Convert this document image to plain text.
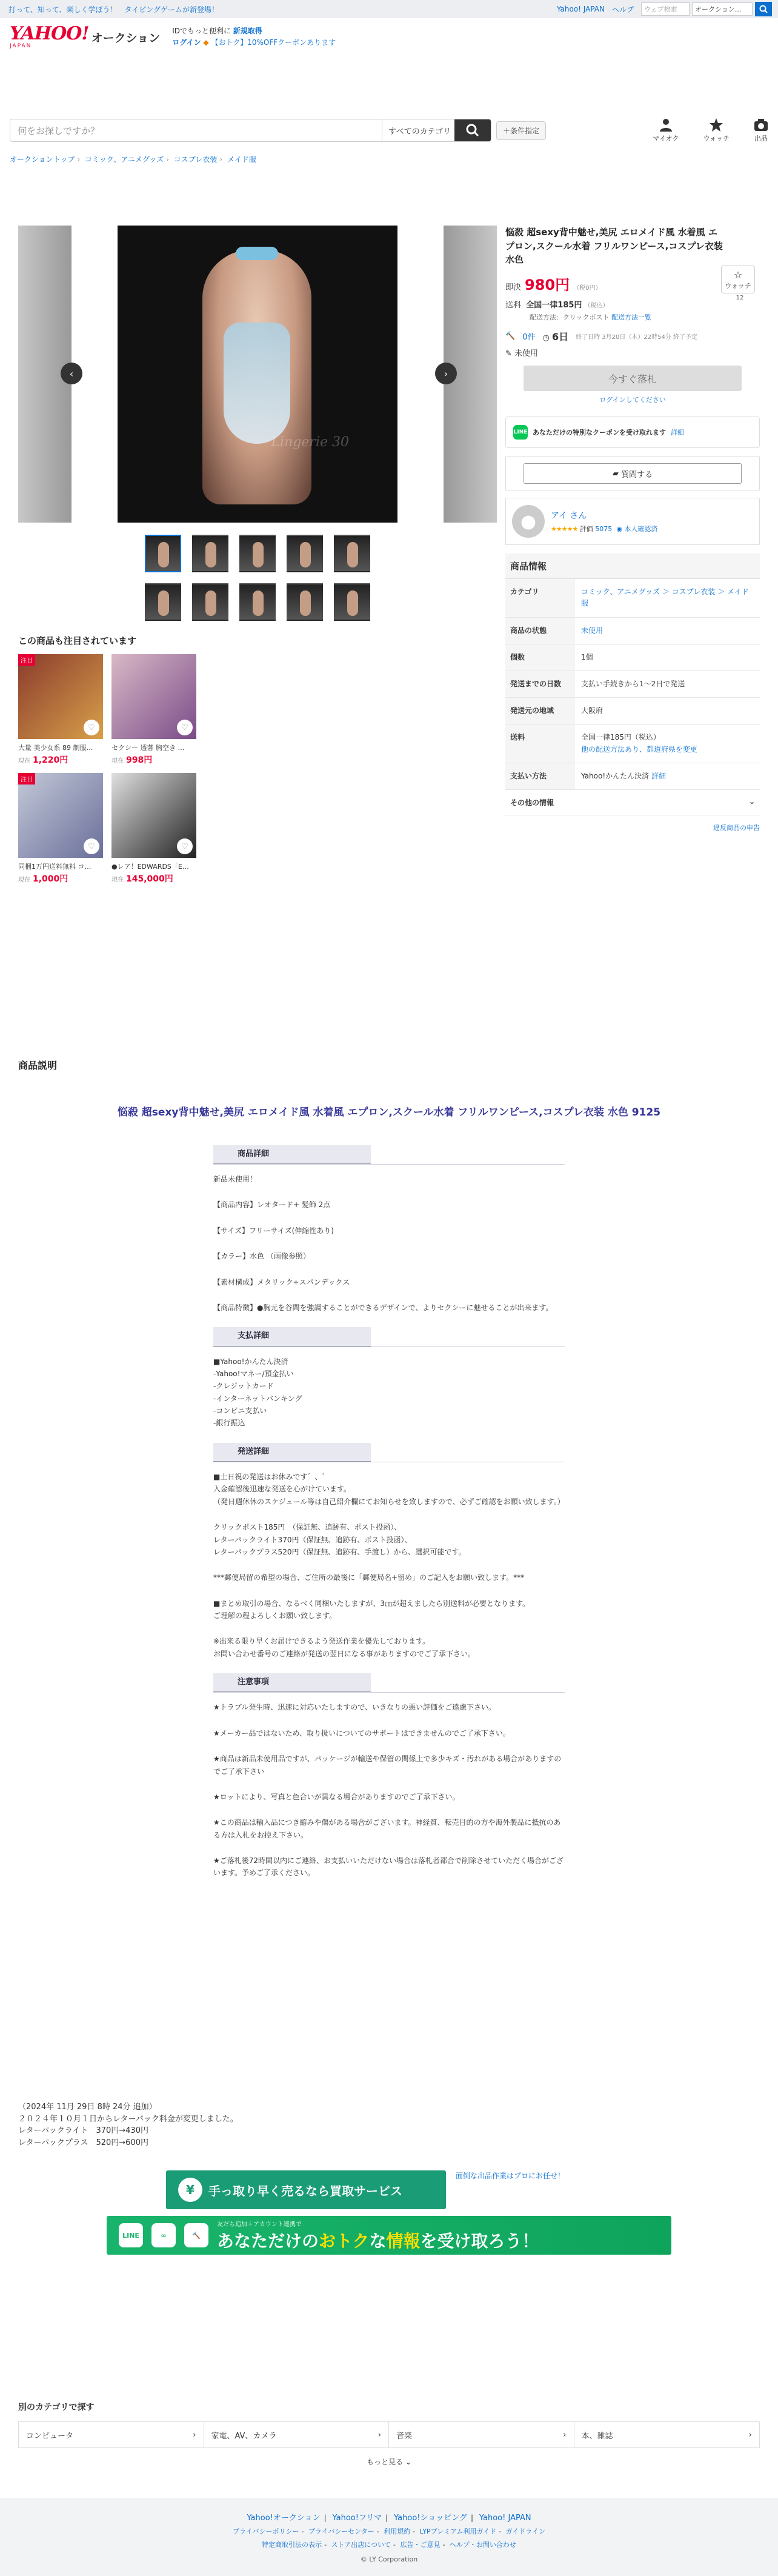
打って、知って、楽しく学ぼう！　タイピングゲームが新登場！	Yahoo! JAPAN ヘルプ	ウェブ検索	オークション...
YAHOO!
JAPAN
オークション
IDでもっと便利に 新規取得
ログイン ◆ 【おトク】10%OFFクーポンあります
何をお探しですか？	すべてのカテゴリ	＋条件指定
マイオク	ウォッチ	出品
オークショントップ › コミック、アニメグッズ › コスプレ衣装 › メイド服
Lingerie 30
‹	›
この商品も注目されています
注目
♡
大量 美少女系 89 制服…
現在 1,220円
♡
セクシー 透著 胸空き …
現在 998円
注目
♡
同梱1万円送料無料 コ…
現在 1,000円
♡
●レア！EDWARDS「E…
現在 145,000円
悩殺 超sexy背中魅せ,美尻 エロメイド風 水着風 エプロン,スクール水着 フリルワンピース,コスプレ衣装 水色
☆
ウォッチ
12
即決 980円 （税0円）
送料 全国一律185円 （税込）
配送方法：クリックポスト 配送方法一覧
🔨 0件 ◷ 6日 終了日時 3月20日（木）22時54分 終了予定
✎ 未使用
今すぐ落札
ログインしてください
LINE あなただけの特別なクーポンを受け取れます 詳細
▰
質問する
●	アイ さん
★★★★★ 評価 5075 ◉ 本人確認済
商品情報
カテゴリ	コミック、アニメグッズ ＞ コスプレ衣装 ＞ メイド服
商品の状態	未使用
個数	1個
発送までの日数	支払い手続きから1〜2日で発送
発送元の地域	大阪府
送料	全国一律185円（税込）
他の配送方法あり、都道府県を変更
支払い方法	Yahoo!かんたん決済 詳細
その他の情報	⌄
違反商品の申告
商品説明
悩殺 超sexy背中魅せ,美尻 エロメイド風 水着風 エプロン,スクール水着 フリルワンピース,コスプレ衣装 水色 9125
商品詳細

新品未使用！

【商品内容】レオタード+ 髪飾 2点

【サイズ】フリーサイズ(伸縮性あり)

【カラー】水色 （画像参照）

【素材構成】メタリック+スパンデックス

【商品特徴】●胸元を谷間を強調することができるデザインで、よりセクシーに魅せることが出来ます。

支払詳細

■Yahoo!かんたん決済
-Yahoo!マネー/預金払い
-クレジットカード
-インターネットバンキング
-コンビニ支払い
-銀行振込

発送詳細

■土日祝の発送はお休みです゛、゛
入金確認後迅速な発送を心がけています。
（発日週休休のスケジュール等は自己紹介欄にてお知らせを致しますので、必ずご確認をお願い致します。）

クリックポスト185円　（保証無、追跡有、ポスト投函）、
レターパックライト370円（保証無、追跡有、ポスト投函）、
レターパックプラス520円（保証無、追跡有、手渡し）から、選択可能です。

***郵便局留の希望の場合、ご住所の最後に「郵便局名+留め」のご記入をお願い致します。***

■まとめ取引の場合、なるべく同梱いたしますが、3㎝が超えましたら別送料が必要となります。
ご理解の程よろしくお願い致します。

※出来る限り早くお届けできるよう発送作業を優先しております。
お問い合わせ番号のご連絡が発送の翌日になる事がありますのでご了承下さい。

注意事項

★トラブル発生時、迅速に対応いたしますので、いきなりの悪い評価をご遠慮下さい。

★メーカー品ではないため、取り扱いについてのサポートはできませんのでご了承下さい。

★商品は新品未使用品ですが、パッケージが輸送や保管の関係上で多少キズ・汚れがある場合がありますのでご了承下さい

★ロットにより、写真と色合いが異なる場合がありますのでご了承下さい。

★この商品は輸入品につき縮みや傷がある場合がございます。神経質、転売目的の方や海外製品に抵抗のある方は入札をお控え下さい。

★ご落札後72時間以内にご連絡、お支払いいただけない場合は落札者都合で削除させていただく場合がございます。予めご了承ください。

（2024年 11月 29日 8時 24分 追加）
２０２４年１０月１日からレターパック料金が変更しました。
レターパックライト　370円→430円
レターパックプラス　520円→600円
¥	手っ取り早く売るなら買取サービス
面倒な出品作業はプロにお任せ！
LINE	∞	🔨
友だち追加＋アカウント連携で
あなただけのおトクな情報を受け取ろう！
別のカテゴリで探す
コンピュータ	› 家電、AV、カメラ	› 音楽	› 本、雑誌	›
もっと見る ⌄
Yahoo!オークション | Yahoo!フリマ | Yahoo!ショッピング | Yahoo! JAPAN
プライバシーポリシー - プライバシーセンター - 利用規約 - LYPプレミアム利用ガイド - ガイドライン
特定商取引法の表示 - ストア出店について - 広告・ご意見 - ヘルプ・お問い合わせ
© LY Corporation
